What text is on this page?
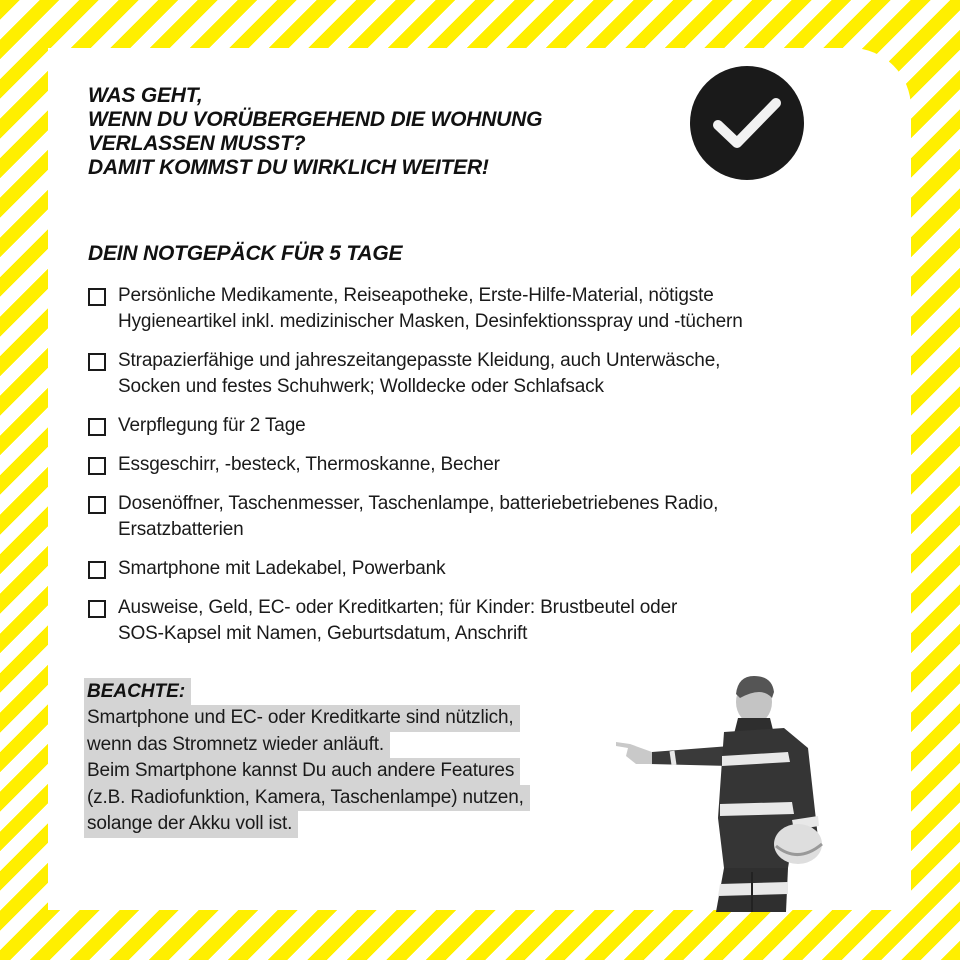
WAS GEHT,
WENN DU VORÜBERGEHEND DIE WOHNUNG
VERLASSEN MUSST?
DAMIT KOMMST DU WIRKLICH WEITER!
DEIN NOTGEPÄCK FÜR 5 TAGE
Persönliche Medikamente, Reiseapotheke, Erste-Hilfe-Material, nötigste
Hygieneartikel inkl. medizinischer Masken, Desinfektionsspray und -tüchern
Strapazierfähige und jahreszeitangepasste Kleidung, auch Unterwäsche,
Socken und festes Schuhwerk; Wolldecke oder Schlafsack
Verpflegung für 2 Tage
Essgeschirr, -besteck, Thermoskanne, Becher
Dosenöffner, Taschenmesser, Taschenlampe, batteriebetriebenes Radio,
Ersatzbatterien
Smartphone mit Ladekabel, Powerbank
Ausweise, Geld, EC- oder Kreditkarten; für Kinder: Brustbeutel oder
SOS-Kapsel mit Namen, Geburtsdatum, Anschrift
BEACHTE:
Smartphone und EC- oder Kreditkarte sind nützlich,
wenn das Stromnetz wieder anläuft.
Beim Smartphone kannst Du auch andere Features
(z.B. Radiofunktion, Kamera, Taschenlampe) nutzen,
solange der Akku voll ist.
